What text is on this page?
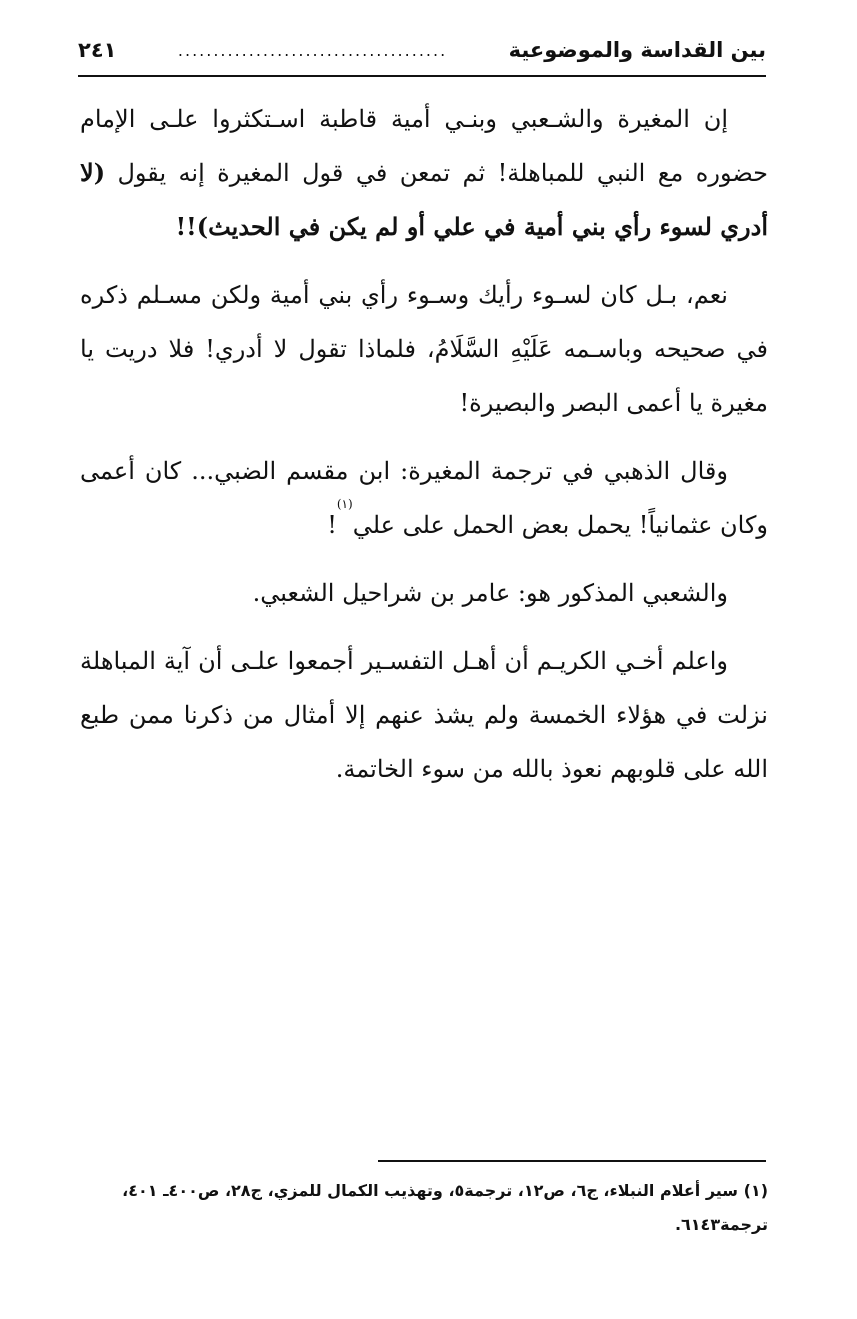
بين القداسة والموضوعية
......................................
٢٤١

إن المغيرة والشـعبي وبنـي أمية قاطبة اسـتكثروا علـى الإمام حضوره مع النبي للمباهلة! ثم تمعن في قول المغيرة إنه يقول (لا أدري لسوء رأي بني أمية في علي أو لم يكن في الحديث)!!

نعم، بـل كان لسـوء رأيك وسـوء رأي بني أمية ولكن مسـلم ذكره في صحيحه وباسـمه عَلَيْهِ السَّلَامُ، فلماذا تقول لا أدري! فلا دريت يا مغيرة يا أعمى البصر والبصيرة!

وقال الذهبي في ترجمة المغيرة: ابن مقسم الضبي... كان أعمى وكان عثمانياً! يحمل بعض الحمل على علي$^{(١)}$!

والشعبي المذكور هو: عامر بن شراحيل الشعبي.

واعلم أخـي الكريـم أن أهـل التفسـير أجمعوا علـى أن آية المباهلة نزلت في هؤلاء الخمسة ولم يشذ عنهم إلا أمثال من ذكرنا ممن طبع الله على قلوبهم نعوذ بالله من سوء الخاتمة.

(١) سير أعلام النبلاء، ج٦، ص١٢، ترجمة٥، وتهذيب الكمال للمزي، ج٢٨، ص٤٠٠ـ ٤٠١، ترجمة٦١٤٣.
